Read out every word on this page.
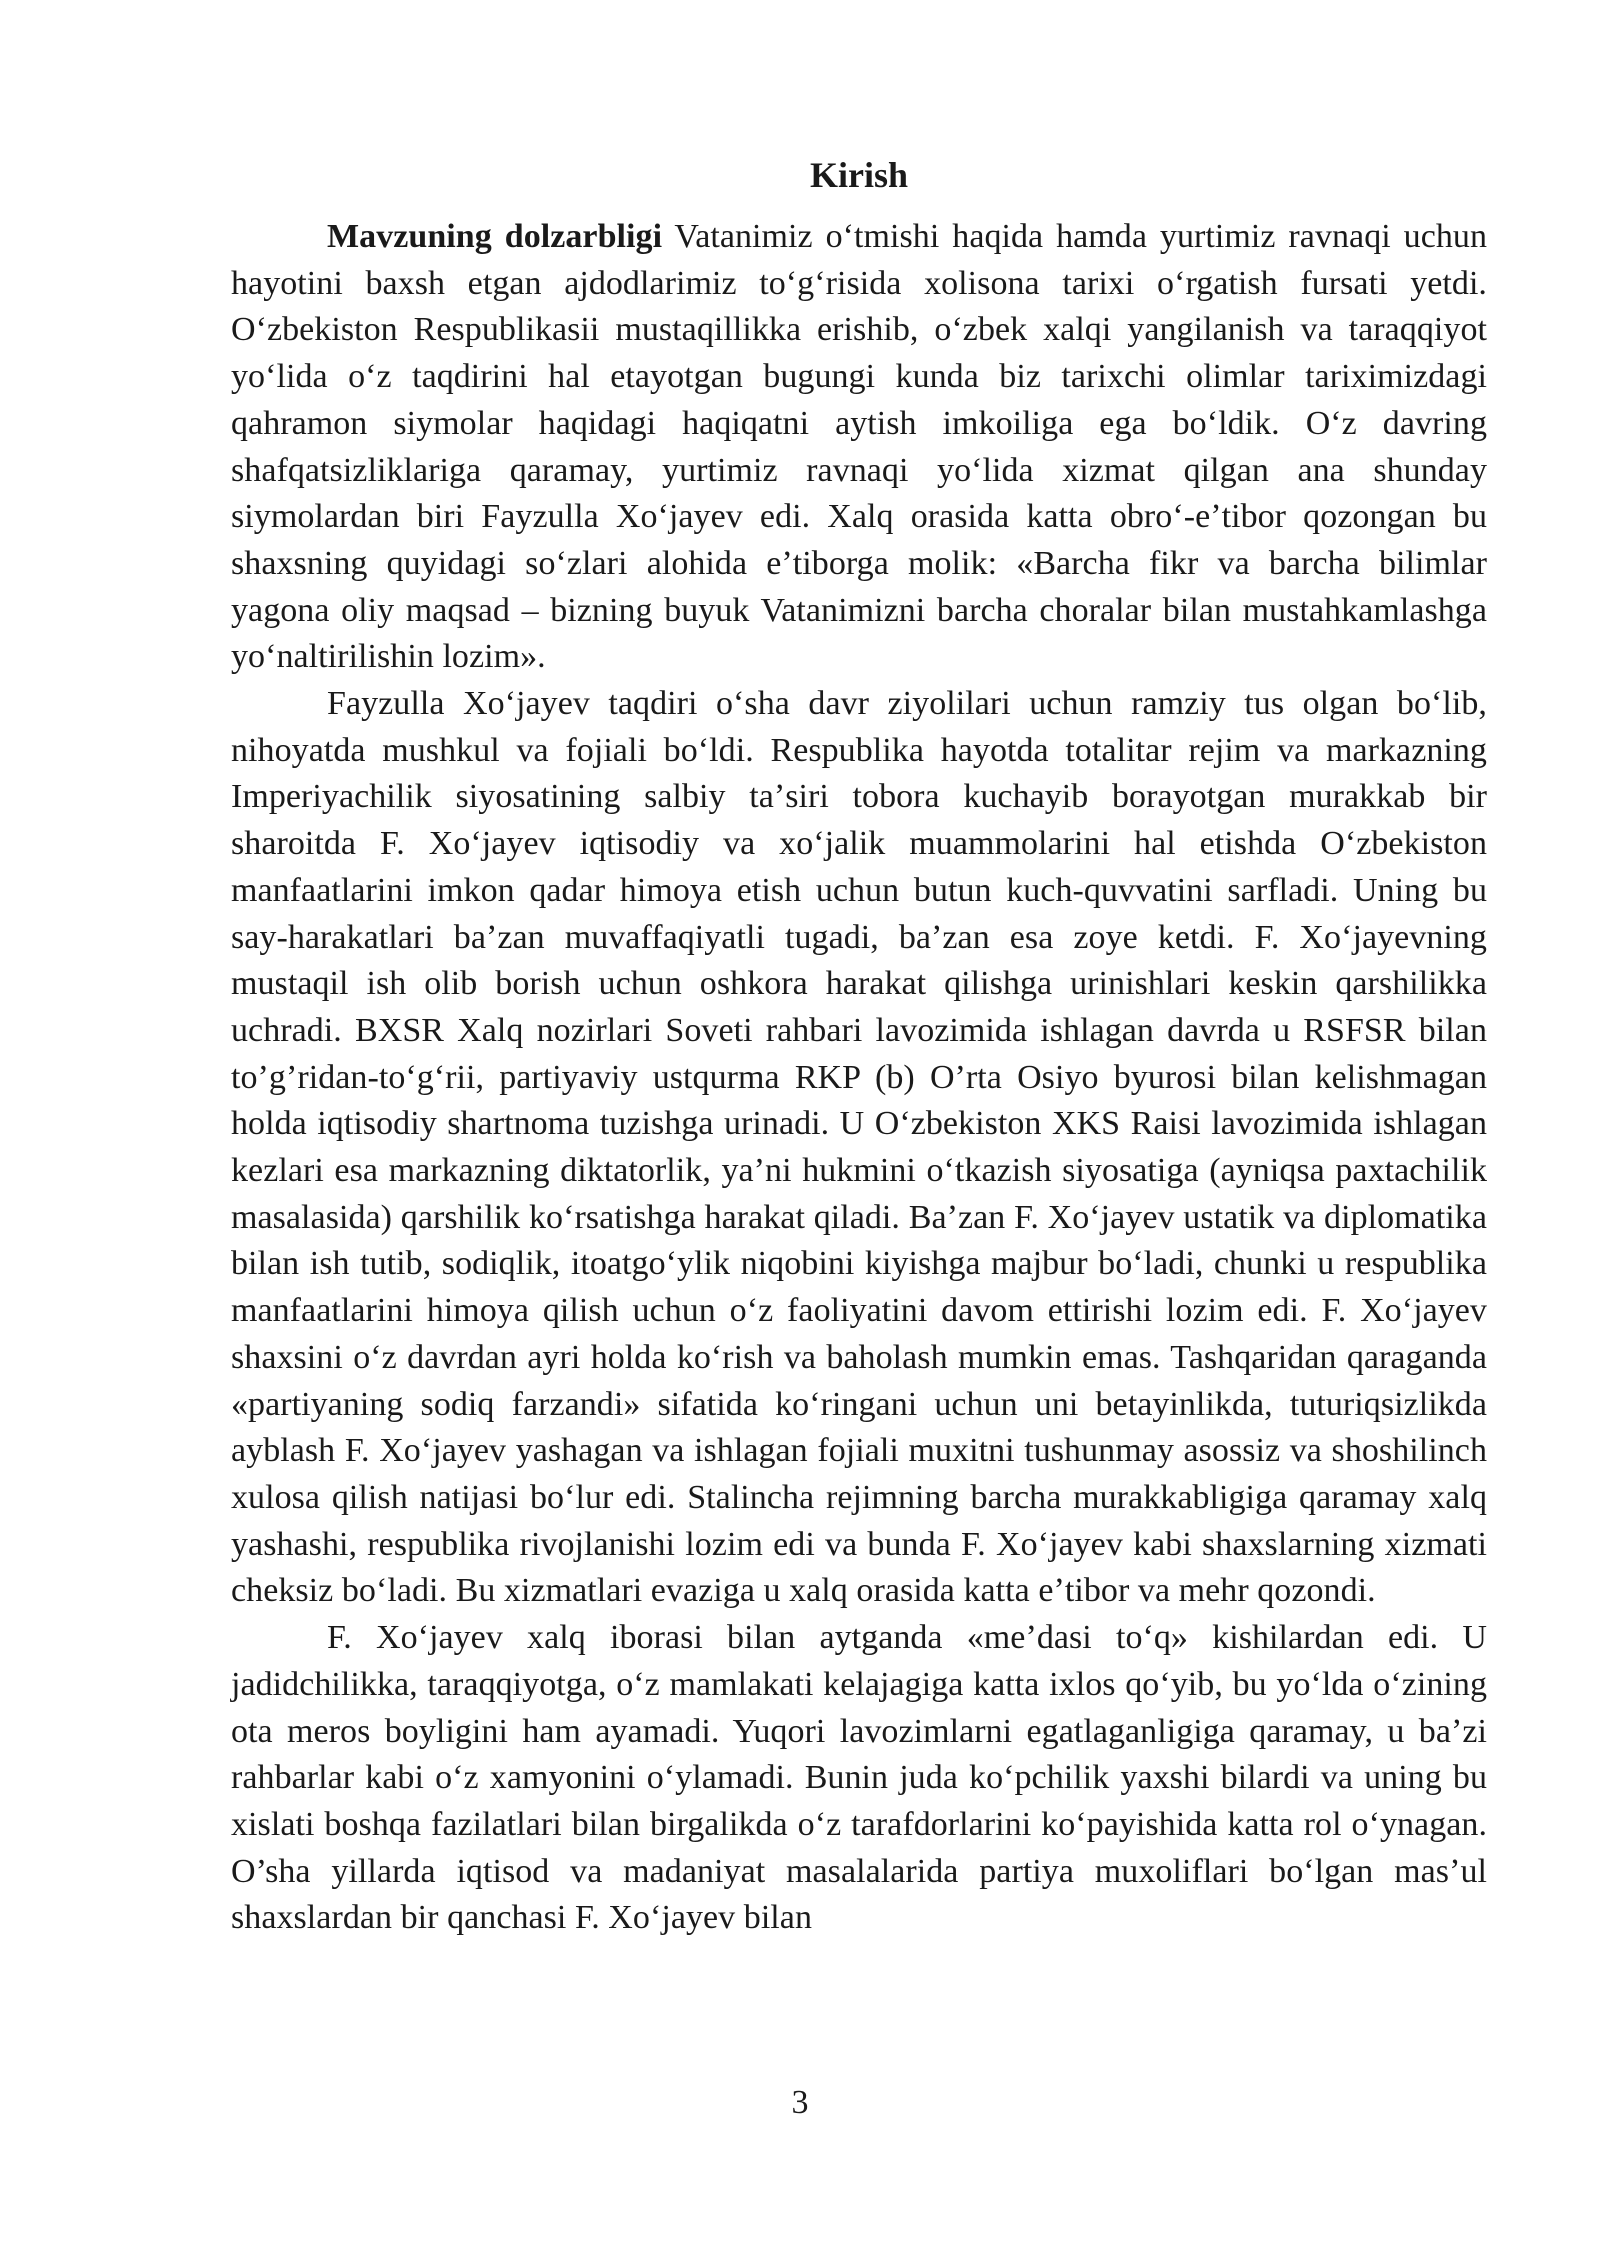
Kirish

Mavzuning dolzarbligi Vatanimiz oʻtmishi haqida hamda yurtimiz ravnaqi uchun hayotini baxsh etgan ajdodlarimiz toʻgʻrisida xolisona tarixi oʻrgatish fursati yetdi. Oʻzbekiston Respublikasii mustaqillikka erishib, oʻzbek xalqi yangilanish va taraqqiyot yoʻlida oʻz taqdirini hal etayotgan bugungi kunda biz tarixchi olimlar tariximizdagi qahramon siymolar haqidagi haqiqatni aytish imkoiliga ega boʻldik. Oʻz davring shafqatsizliklariga qaramay, yurtimiz ravnaqi yoʻlida xizmat qilgan ana shunday siymolardan biri Fayzulla Xoʻjayev edi. Xalq orasida katta obroʻ-eʼtibor qozongan bu shaxsning quyidagi soʻzlari alohida eʼtiborga molik: «Barcha fikr va barcha bilimlar yagona oliy maqsad – bizning buyuk Vatanimizni barcha choralar bilan mustahkamlashga yoʻnaltirilishin lozim».

Fayzulla Xoʻjayev taqdiri oʻsha davr ziyolilari uchun ramziy tus olgan boʻlib, nihoyatda mushkul va fojiali boʻldi. Respublika hayotda totalitar rejim va markazning Imperiyachilik siyosatining salbiy taʼsiri tobora kuchayib borayotgan murakkab bir sharoitda F. Xoʻjayev iqtisodiy va xoʻjalik muammolarini hal etishda Oʻzbekiston manfaatlarini imkon qadar himoya etish uchun butun kuch-quvvatini sarfladi. Uning bu say-harakatlari baʼzan muvaffaqiyatli tugadi, baʼzan esa zoye ketdi. F. Xoʻjayevning mustaqil ish olib borish uchun oshkora harakat qilishga urinishlari keskin qarshilikka uchradi. BXSR Xalq nozirlari Soveti rahbari lavozimida ishlagan davrda u RSFSR bilan to’g’ridan-toʻgʻrii, partiyaviy ustqurma RKP (b) O’rta Osiyo byurosi bilan kelishmagan holda iqtisodiy shartnoma tuzishga urinadi. U Oʻzbekiston XKS Raisi lavozimida ishlagan kezlari esa markazning diktatorlik, ya’ni hukmini oʻtkazish siyosatiga (ayniqsa paxtachilik masalasida) qarshilik koʻrsatishga harakat qiladi. Baʼzan F. Xoʻjayev ustatik va diplomatika bilan ish tutib, sodiqlik, itoatgoʻylik niqobini kiyishga majbur boʻladi, chunki u respublika manfaatlarini himoya qilish uchun oʻz faoliyatini davom ettirishi lozim edi. F. Xoʻjayev shaxsini oʻz davrdan ayri holda koʻrish va baholash mumkin emas. Tashqaridan qaraganda «partiyaning sodiq farzandi» sifatida koʻringani uchun uni betayinlikda, tuturiqsizlikda ayblash F. Xoʻjayev yashagan va ishlagan fojiali muxitni tushunmay asossiz va shoshilinch xulosa qilish natijasi boʻlur edi. Stalincha rejimning barcha murakkabligiga qaramay xalq yashashi, respublika rivojlanishi lozim edi va bunda F. Xoʻjayev kabi shaxslarning xizmati cheksiz boʻladi. Bu xizmatlari evaziga u xalq orasida katta eʼtibor va mehr qozondi.

F. Xoʻjayev xalq iborasi bilan aytganda «meʼdasi toʻq» kishilardan edi. U jadidchilikka, taraqqiyotga, oʻz mamlakati kelajagiga katta ixlos qoʻyib, bu yoʻlda oʻzining ota meros boyligini ham ayamadi. Yuqori lavozimlarni egatlaganligiga qaramay, u baʼzi rahbarlar kabi oʻz xamyonini oʻylamadi. Bunin juda koʻpchilik yaxshi bilardi va uning bu xislati boshqa fazilatlari bilan birgalikda oʻz tarafdorlarini koʻpayishida katta rol oʻynagan. O’sha yillarda iqtisod va madaniyat masalalarida partiya muxoliflari boʻlgan masʼul shaxslardan bir qanchasi F. Xoʻjayev bilan

3
